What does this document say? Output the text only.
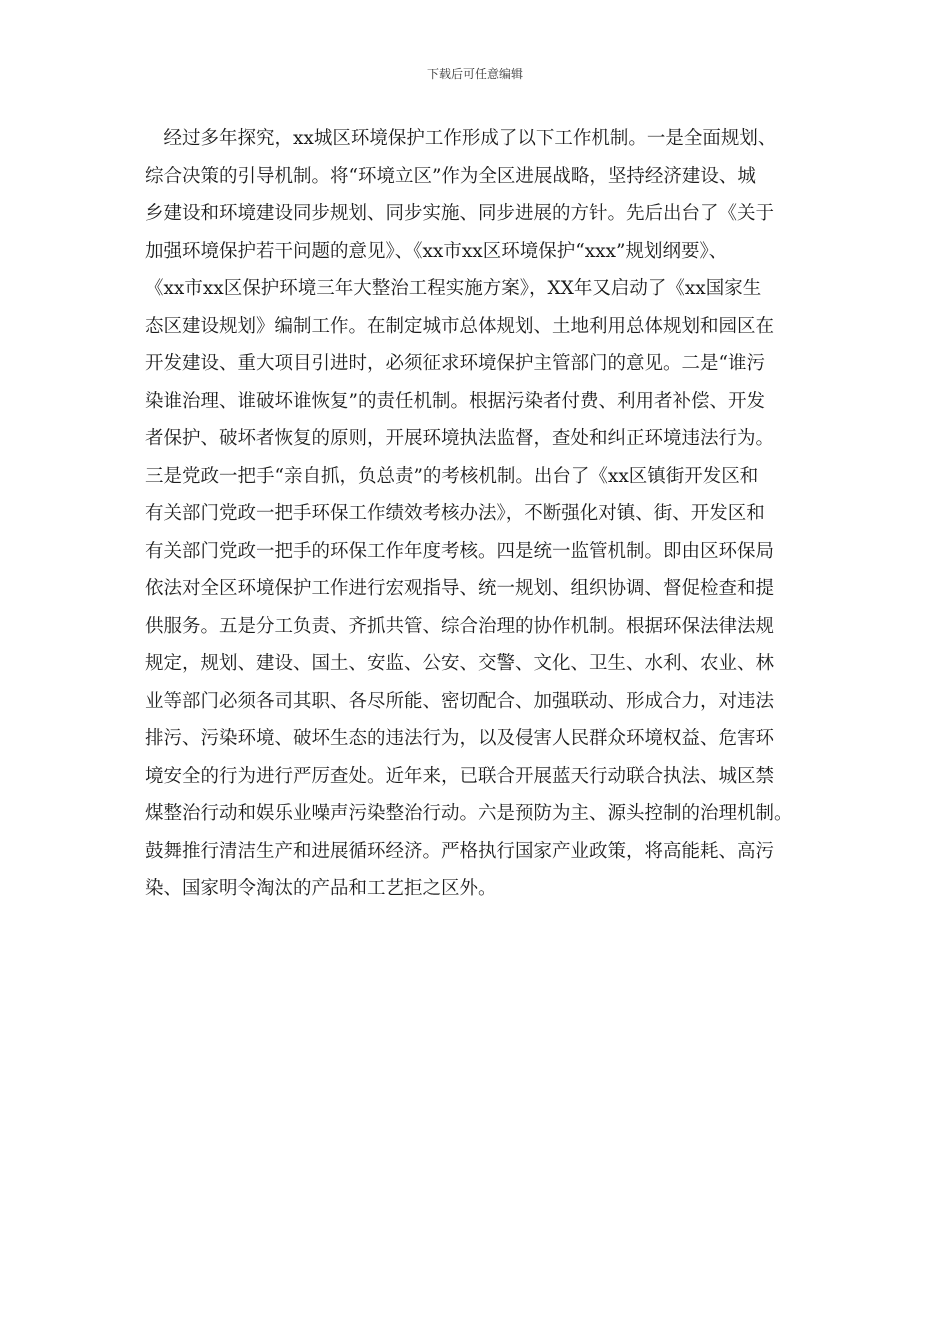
下载后可任意编辑
　经过多年探究，xx城区环境保护工作形成了以下工作机制。一是全面规划、
综合决策的引导机制。将“环境立区”作为全区进展战略，坚持经济建设、城
乡建设和环境建设同步规划、同步实施、同步进展的方针。先后出台了《关于
加强环境保护若干问题的意见》、《xx市xx区环境保护“xxx”规划纲要》、
《xx市xx区保护环境三年大整治工程实施方案》，XX年又启动了《xx国家生
态区建设规划》编制工作。在制定城市总体规划、土地利用总体规划和园区在
开发建设、重大项目引进时，必须征求环境保护主管部门的意见。二是“谁污
染谁治理、谁破坏谁恢复”的责任机制。根据污染者付费、利用者补偿、开发
者保护、破坏者恢复的原则，开展环境执法监督，查处和纠正环境违法行为。
三是党政一把手“亲自抓，负总责”的考核机制。出台了《xx区镇街开发区和
有关部门党政一把手环保工作绩效考核办法》，不断强化对镇、街、开发区和
有关部门党政一把手的环保工作年度考核。四是统一监管机制。即由区环保局
依法对全区环境保护工作进行宏观指导、统一规划、组织协调、督促检查和提
供服务。五是分工负责、齐抓共管、综合治理的协作机制。根据环保法律法规
规定，规划、建设、国土、安监、公安、交警、文化、卫生、水利、农业、林
业等部门必须各司其职、各尽所能、密切配合、加强联动、形成合力，对违法
排污、污染环境、破坏生态的违法行为，以及侵害人民群众环境权益、危害环
境安全的行为进行严厉查处。近年来，已联合开展蓝天行动联合执法、城区禁
煤整治行动和娱乐业噪声污染整治行动。六是预防为主、源头控制的治理机制。
鼓舞推行清洁生产和进展循环经济。严格执行国家产业政策，将高能耗、高污
染、国家明令淘汰的产品和工艺拒之区外。
